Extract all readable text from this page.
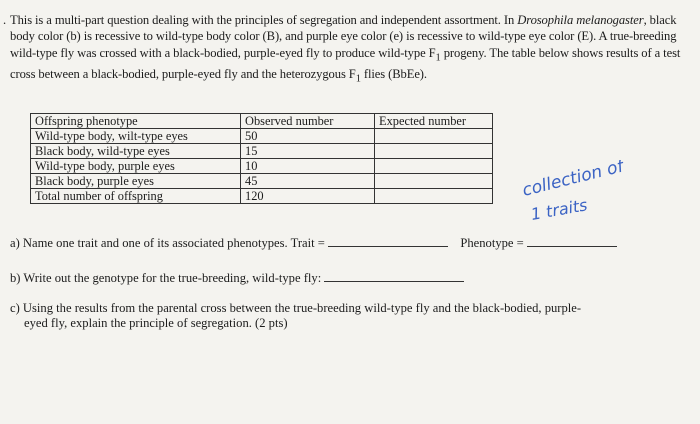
. This is a multi-part question dealing with the principles of segregation and independent assortment. In Drosophila melanogaster, black body color (b) is recessive to wild-type body color (B), and purple eye color (e) is recessive to wild-type eye color (E). A true-breeding wild-type fly was crossed with a black-bodied, purple-eyed fly to produce wild-type $F_1$ progeny. The table below shows results of a test cross between a black-bodied, purple-eyed fly and the heterozygous $F_1$ flies (BbEe).
Offspring phenotype	Observed number	Expected number
Wild-type body, wilt-type eyes	50	
Black body, wild-type eyes	15	
Wild-type body, purple eyes	10	
Black body, purple eyes	45	
Total number of offspring	120		collection of
1 traits
a) Name one trait and one of its associated phenotypes. Trait =	Phenotype =
b) Write out the genotype for the true-breeding, wild-type fly:
c) Using the results from the parental cross between the true-breeding wild-type fly and the black-bodied, purple-
eyed fly, explain the principle of segregation. (2 pts)
